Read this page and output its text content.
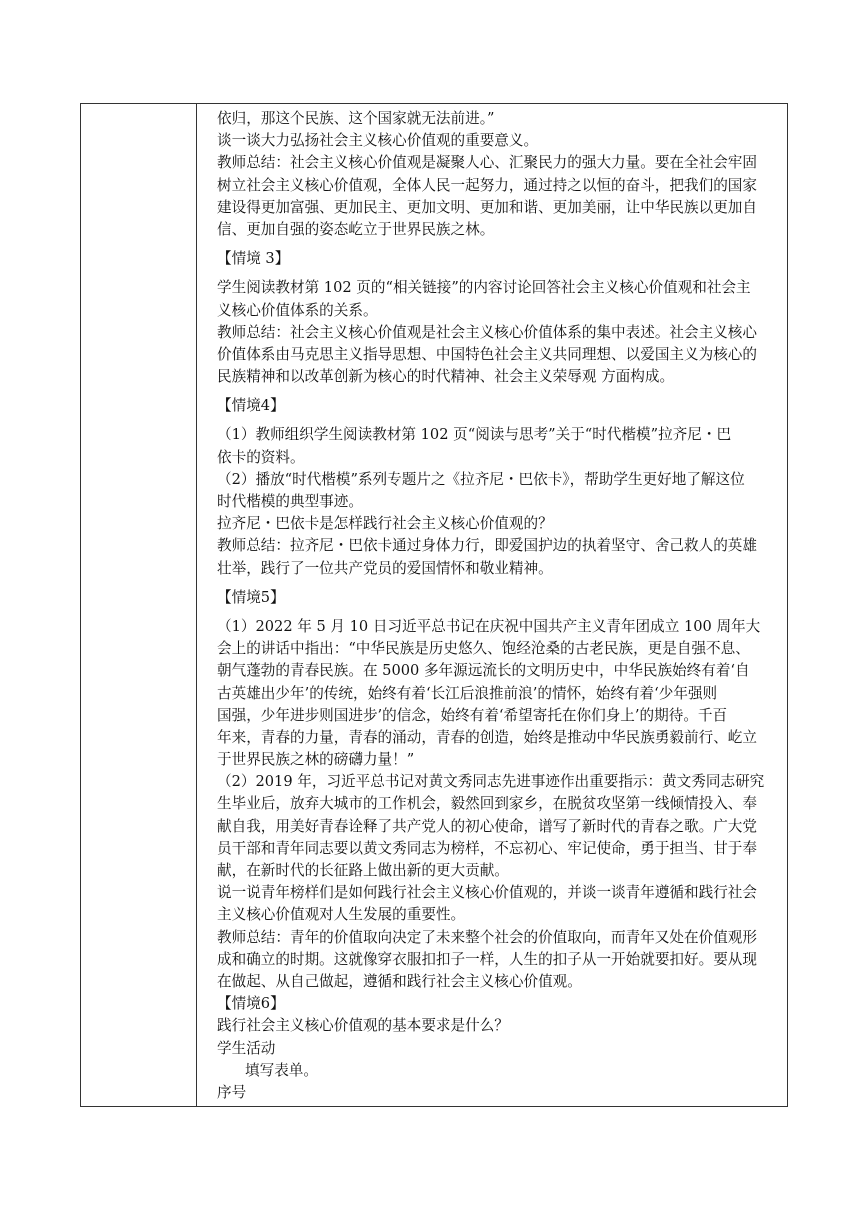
依归，那这个民族、这个国家就无法前进。”
谈一谈大力弘扬社会主义核心价值观的重要意义。
教师总结：社会主义核心价值观是凝聚人心、汇聚民力的强大力量。要在全社会牢固
树立社会主义核心价值观，全体人民一起努力，通过持之以恒的奋斗，把我们的国家
建设得更加富强、更加民主、更加文明、更加和谐、更加美丽，让中华民族以更加自
信、更加自强的姿态屹立于世界民族之林。
【情境 3】
学生阅读教材第 102 页的“相关链接”的内容讨论回答社会主义核心价值观和社会主
义核心价值体系的关系。
教师总结：社会主义核心价值观是社会主义核心价值体系的集中表述。社会主义核心
价值体系由马克思主义指导思想、中国特色社会主义共同理想、以爱国主义为核心的
民族精神和以改革创新为核心的时代精神、社会主义荣辱观 方面构成。
【情境4】
（1）教师组织学生阅读教材第 102 页“阅读与思考”关于“时代楷模”拉齐尼・巴
依卡的资料。
（2）播放“时代楷模”系列专题片之《拉齐尼・巴依卡》，帮助学生更好地了解这位
时代楷模的典型事迹。
拉齐尼・巴依卡是怎样践行社会主义核心价值观的？
教师总结：拉齐尼・巴依卡通过身体力行，即爱国护边的执着坚守、舍己救人的英雄
壮举，践行了一位共产党员的爱国情怀和敬业精神。
【情境5】
（1）2022 年 5 月 10 日习近平总书记在庆祝中国共产主义青年团成立 100 周年大
会上的讲话中指出：“中华民族是历史悠久、饱经沧桑的古老民族，更是自强不息、
朝气蓬勃的青春民族。在 5000 多年源远流长的文明历史中，中华民族始终有着‘自
古英雄出少年’的传统，始终有着‘长江后浪推前浪’的情怀，始终有着‘少年强则
国强，少年进步则国进步’的信念，始终有着‘希望寄托在你们身上’的期待。千百
年来，青春的力量，青春的涌动，青春的创造，始终是推动中华民族勇毅前行、屹立
于世界民族之林的磅礴力量！”
（2）2019 年，习近平总书记对黄文秀同志先进事迹作出重要指示：黄文秀同志研究
生毕业后，放弃大城市的工作机会，毅然回到家乡，在脱贫攻坚第一线倾情投入、奉
献自我，用美好青春诠释了共产党人的初心使命，谱写了新时代的青春之歌。广大党
员干部和青年同志要以黄文秀同志为榜样，不忘初心、牢记使命，勇于担当、甘于奉
献，在新时代的长征路上做出新的更大贡献。
说一说青年榜样们是如何践行社会主义核心价值观的，并谈一谈青年遵循和践行社会
主义核心价值观对人生发展的重要性。
教师总结：青年的价值取向决定了未来整个社会的价值取向，而青年又处在价值观形
成和确立的时期。这就像穿衣服扣扣子一样，人生的扣子从一开始就要扣好。要从现
在做起、从自己做起，遵循和践行社会主义核心价值观。
【情境6】
践行社会主义核心价值观的基本要求是什么？
学生活动
填写表单。
序号
